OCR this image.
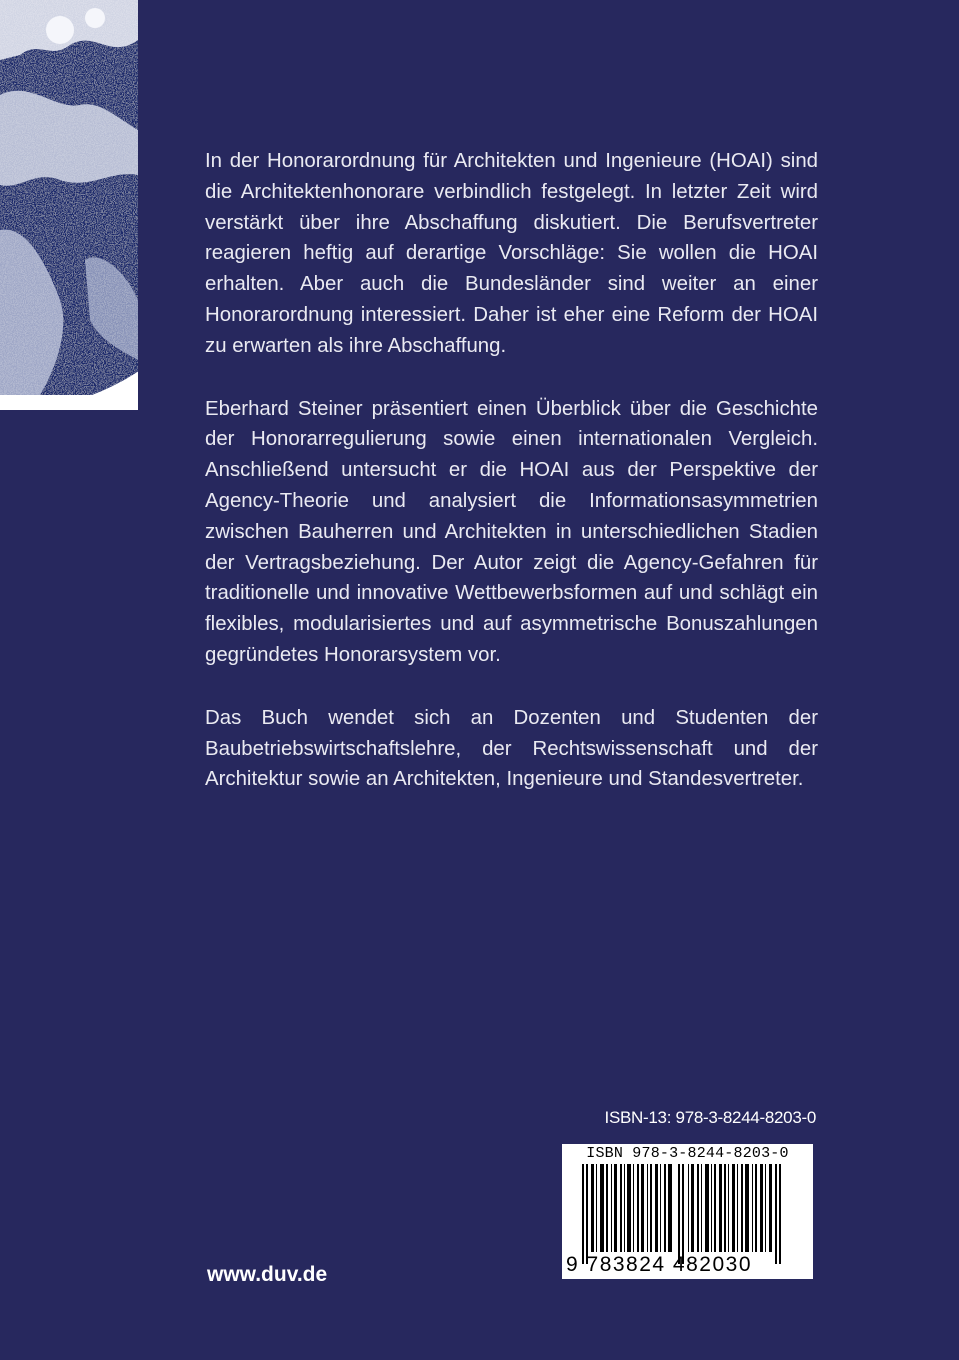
In der Honorarordnung für Architekten und Ingenieure (HOAI) sind die Architektenhonorare verbindlich festgelegt. In letzter Zeit wird verstärkt über ihre Abschaffung diskutiert. Die Berufsvertreter reagieren heftig auf derartige Vorschläge: Sie wollen die HOAI erhalten. Aber auch die Bundesländer sind weiter an einer Honorarordnung interessiert. Daher ist eher eine Reform der HOAI zu erwarten als ihre Abschaffung.

Eberhard Steiner präsentiert einen Überblick über die Geschichte der Honorarregulierung sowie einen internationalen Vergleich. Anschließend untersucht er die HOAI aus der Perspektive der Agency-Theorie und analysiert die Informationsasymmetrien zwischen Bauherren und Architekten in unterschiedlichen Stadien der Vertragsbeziehung. Der Autor zeigt die Agency-Gefahren für traditionelle und innovative Wettbewerbsformen auf und schlägt ein flexibles, modularisiertes und auf asymmetrische Bonuszahlungen gegründetes Honorarsystem vor.

Das Buch wendet sich an Dozenten und Studenten der Baubetriebswirtschaftslehre, der Rechtswissenschaft und der Architektur sowie an Architekten, Ingenieure und Standesvertreter.

ISBN-13: 978-3-8244-8203-0
ISBN 978-3-8244-8203-0
9 783824 482030
www.duv.de
